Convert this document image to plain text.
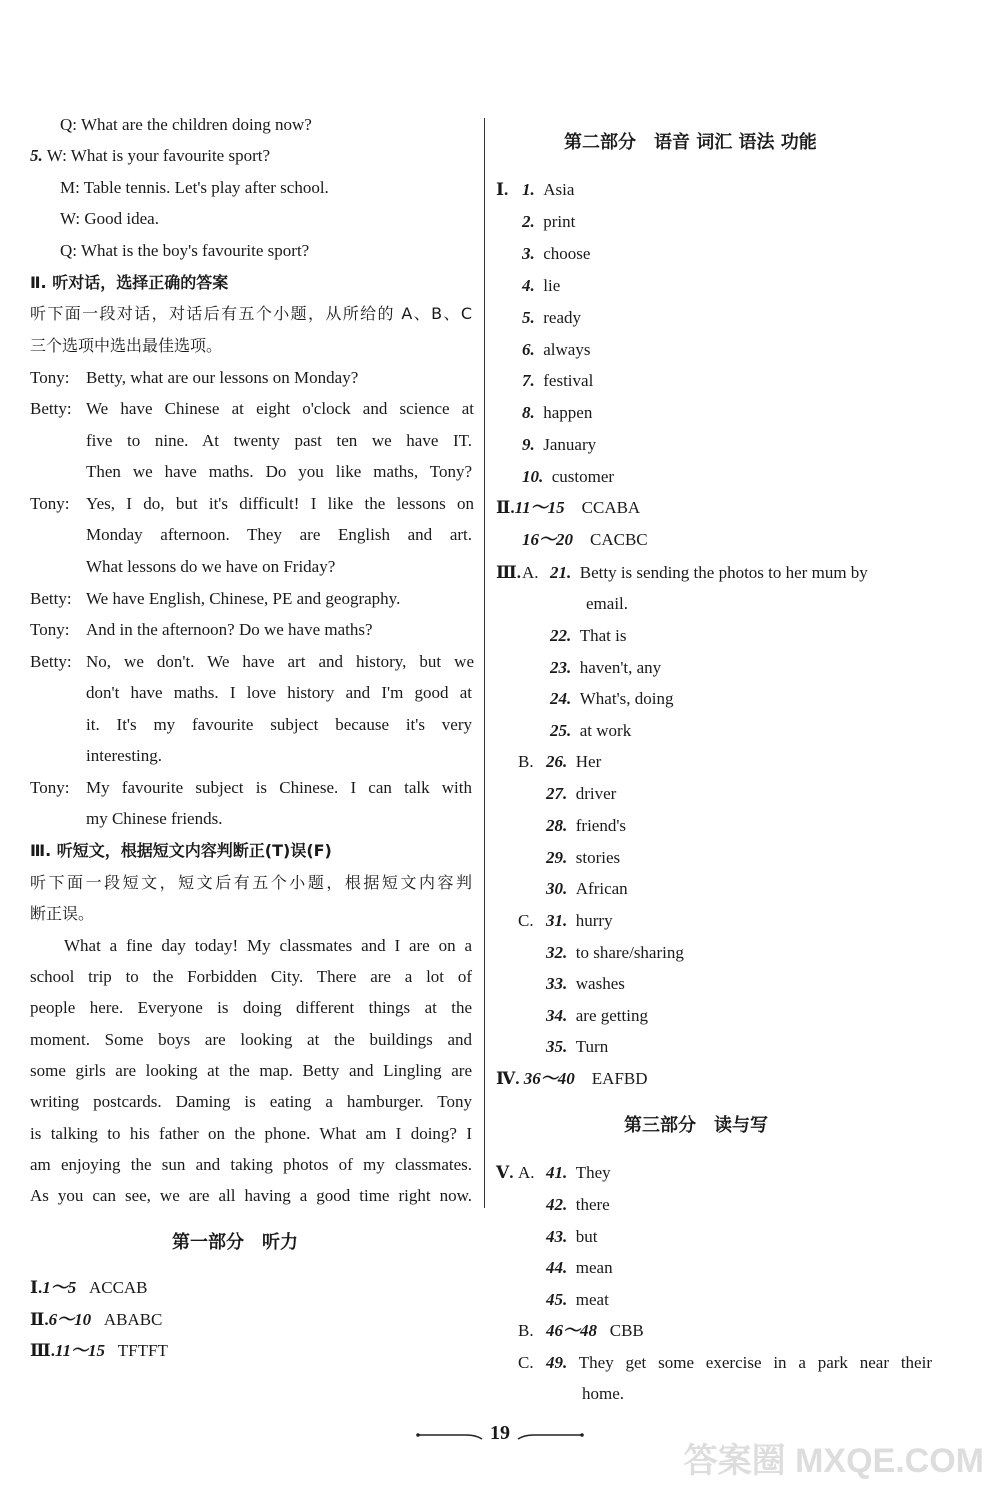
Q: What are the children doing now?
5. W: What is your favourite sport?
M: Table tennis. Let's play after school.
W: Good idea.
Q: What is the boy's favourite sport?
Ⅱ. 听对话，选择正确的答案
听下面一段对话，对话后有五个小题，从所给的 A、B、C
三个选项中选出最佳选项。
Tony: Betty, what are our lessons on Monday?
Betty: We have Chinese at eight o'clock and science at
five to nine. At twenty past ten we have IT.
Then we have maths. Do you like maths, Tony?
Tony: Yes, I do, but it's difficult! I like the lessons on
Monday afternoon. They are English and art.
What lessons do we have on Friday?
Betty: We have English, Chinese, PE and geography.
Tony: And in the afternoon? Do we have maths?
Betty: No, we don't. We have art and history, but we
don't have maths. I love history and I'm good at
it. It's my favourite subject because it's very
interesting.
Tony: My favourite subject is Chinese. I can talk with
my Chinese friends.
Ⅲ. 听短文，根据短文内容判断正(T)误(F)
听下面一段短文，短文后有五个小题，根据短文内容判
断正误。
What a fine day today! My classmates and I are on a
school trip to the Forbidden City. There are a lot of
people here. Everyone is doing different things at the
moment. Some boys are looking at the buildings and
some girls are looking at the map. Betty and Lingling are
writing postcards. Daming is eating a hamburger. Tony
is talking to his father on the phone. What am I doing? I
am enjoying the sun and taking photos of my classmates.
As you can see, we are all having a good time right now.
第一部分　听力
Ⅰ.1～5 ACCAB
Ⅱ.6～10 ABABC
Ⅲ.11～15 TFTFT
第二部分　语音 词汇 语法 功能
Ⅰ. 1. Asia
2. print
3. choose
4. lie
5. ready
6. always
7. festival
8. happen
9. January
10. customer
Ⅱ.11～15 CCABA
16～20 CACBC
Ⅲ. A. 21. Betty is sending the photos to her mum by
email.
22. That is
23. haven't, any
24. What's, doing
25. at work
B. 26. Her
27. driver
28. friend's
29. stories
30. African
C. 31. hurry
32. to share/sharing
33. washes
34. are getting
35. Turn
Ⅳ. 36～40 EAFBD
第三部分　读与写
Ⅴ. A. 41. They
42. there
43. but
44. mean
45. meat
B. 46～48 CBB
C. 49. They get some exercise in a park near their
home.
19
答案圈 MXQE.COM
